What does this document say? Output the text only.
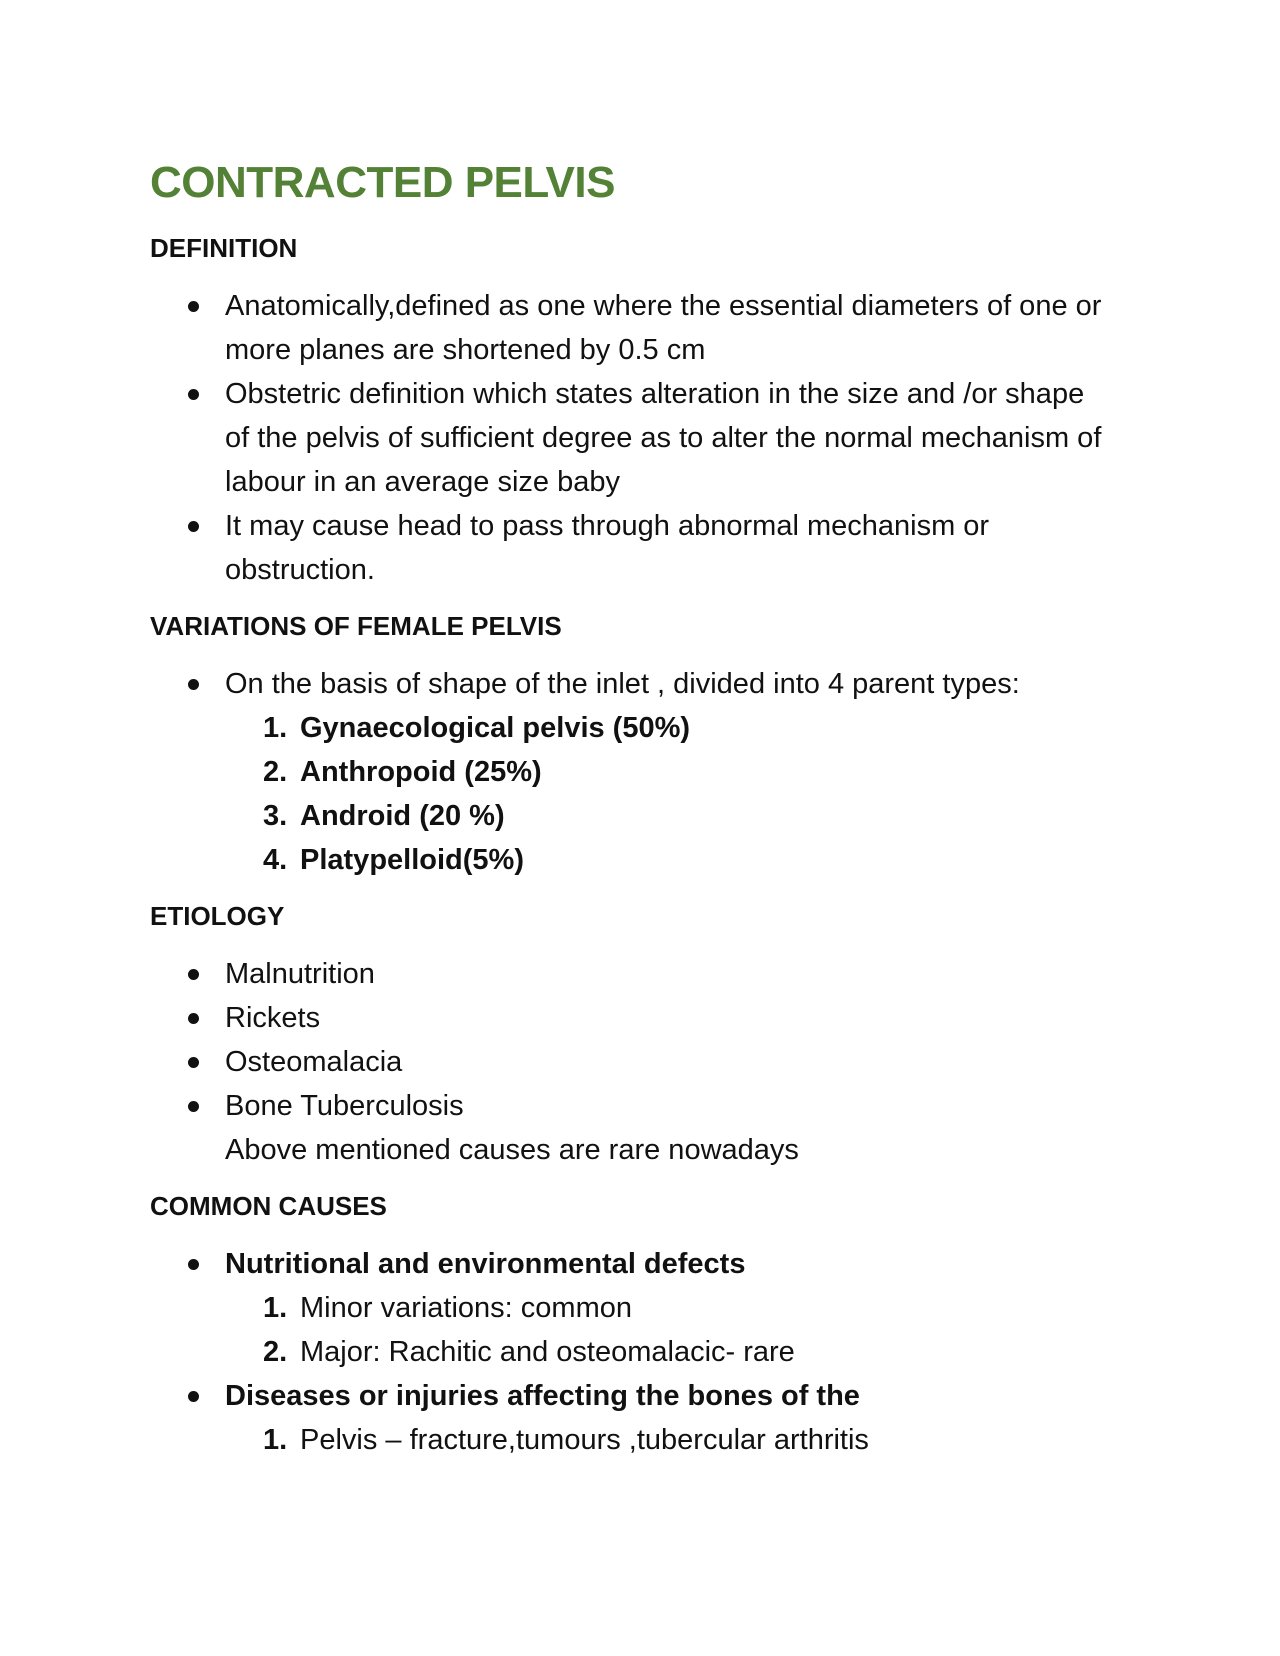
CONTRACTED PELVIS
DEFINITION
Anatomically,defined as one where the essential diameters of one or more planes are shortened by 0.5 cm
Obstetric definition which states alteration in the size and /or shape of the pelvis of sufficient degree as to alter the normal mechanism of labour in an average size baby
It may cause head to pass through abnormal mechanism or obstruction.
VARIATIONS OF FEMALE PELVIS
On the basis of shape of the inlet , divided into 4 parent types:
1. Gynaecological pelvis (50%)
2. Anthropoid (25%)
3. Android (20 %)
4. Platypelloid(5%)
ETIOLOGY
Malnutrition
Rickets
Osteomalacia
Bone Tuberculosis
Above mentioned causes are rare nowadays
COMMON CAUSES
Nutritional and environmental defects
1. Minor variations: common
2. Major: Rachitic and osteomalacic- rare
Diseases or injuries affecting the bones of the
1. Pelvis – fracture,tumours ,tubercular arthritis
